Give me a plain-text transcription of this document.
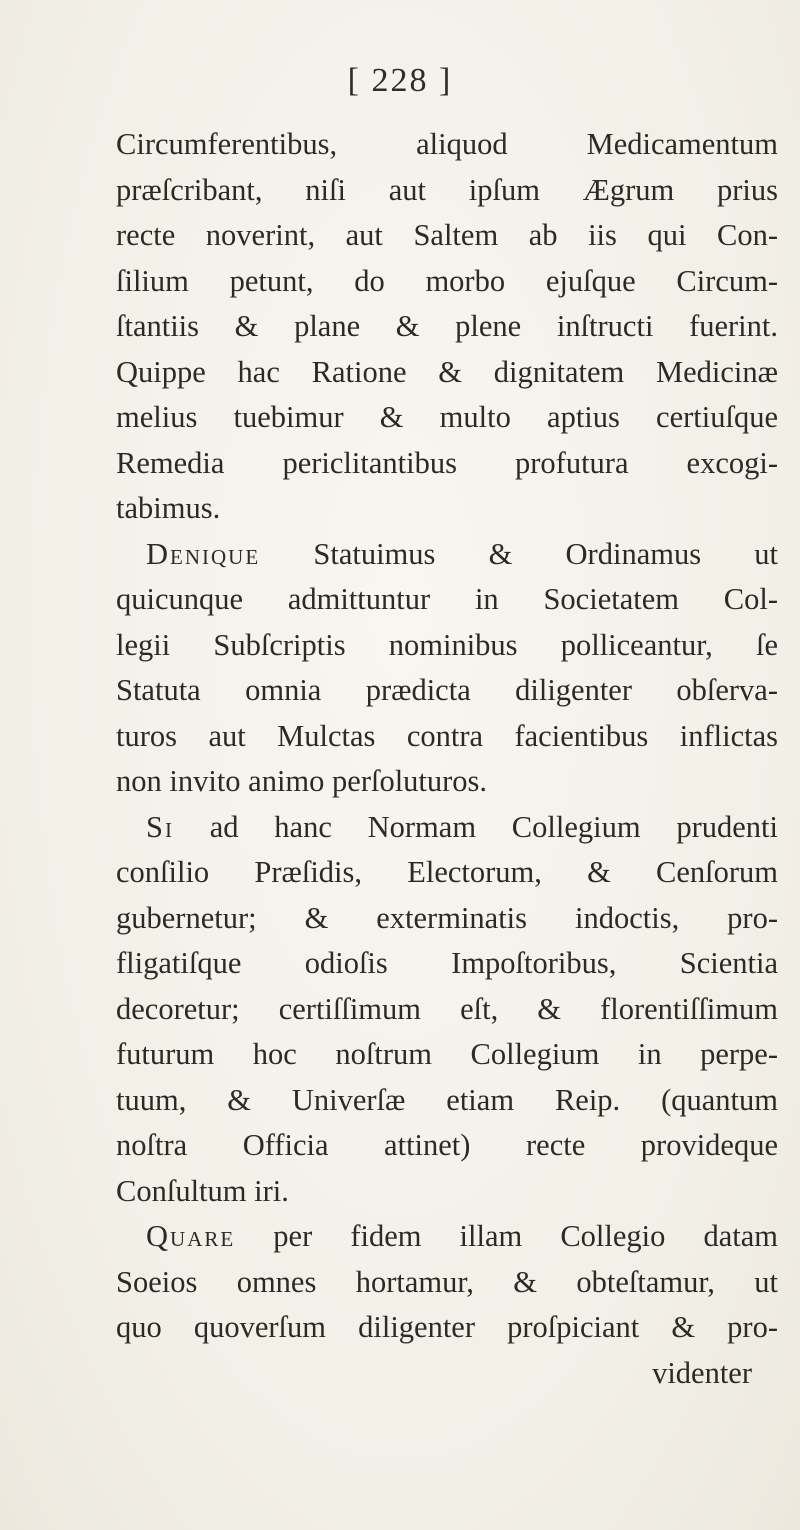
[ 228 ]
Circumferentibus, aliquod Medicamentum
præſcribant, niſi aut ipſum Ægrum prius
recte noverint, aut Saltem ab iis qui Con-
ſilium petunt, do morbo ejuſque Circum-
ſtantiis & plane & plene inſtructi fuerint.
Quippe hac Ratione & dignitatem Medicinæ
melius tuebimur & multo aptius certiuſque
Remedia periclitantibus profutura excogi-
tabimus.
Denique Statuimus & Ordinamus ut
quicunque admittuntur in Societatem Col-
legii Subſcriptis nominibus polliceantur, ſe
Statuta omnia prædicta diligenter obſerva-
turos aut Mulctas contra facientibus inflictas
non invito animo perſoluturos.
Si ad hanc Normam Collegium prudenti
conſilio Præſidis, Electorum, & Cenſorum
gubernetur; & exterminatis indoctis, pro-
fligatiſque odioſis Impoſtoribus, Scientia
decoretur; certiſſimum eſt, & florentiſſimum
futurum hoc noſtrum Collegium in perpe-
tuum, & Univerſæ etiam Reip. (quantum
noſtra Officia attinet) recte provideque
Conſultum iri.
Quare per fidem illam Collegio datam
Soeios omnes hortamur, & obteſtamur, ut
quo quoverſum diligenter proſpiciant & pro-
videnter
